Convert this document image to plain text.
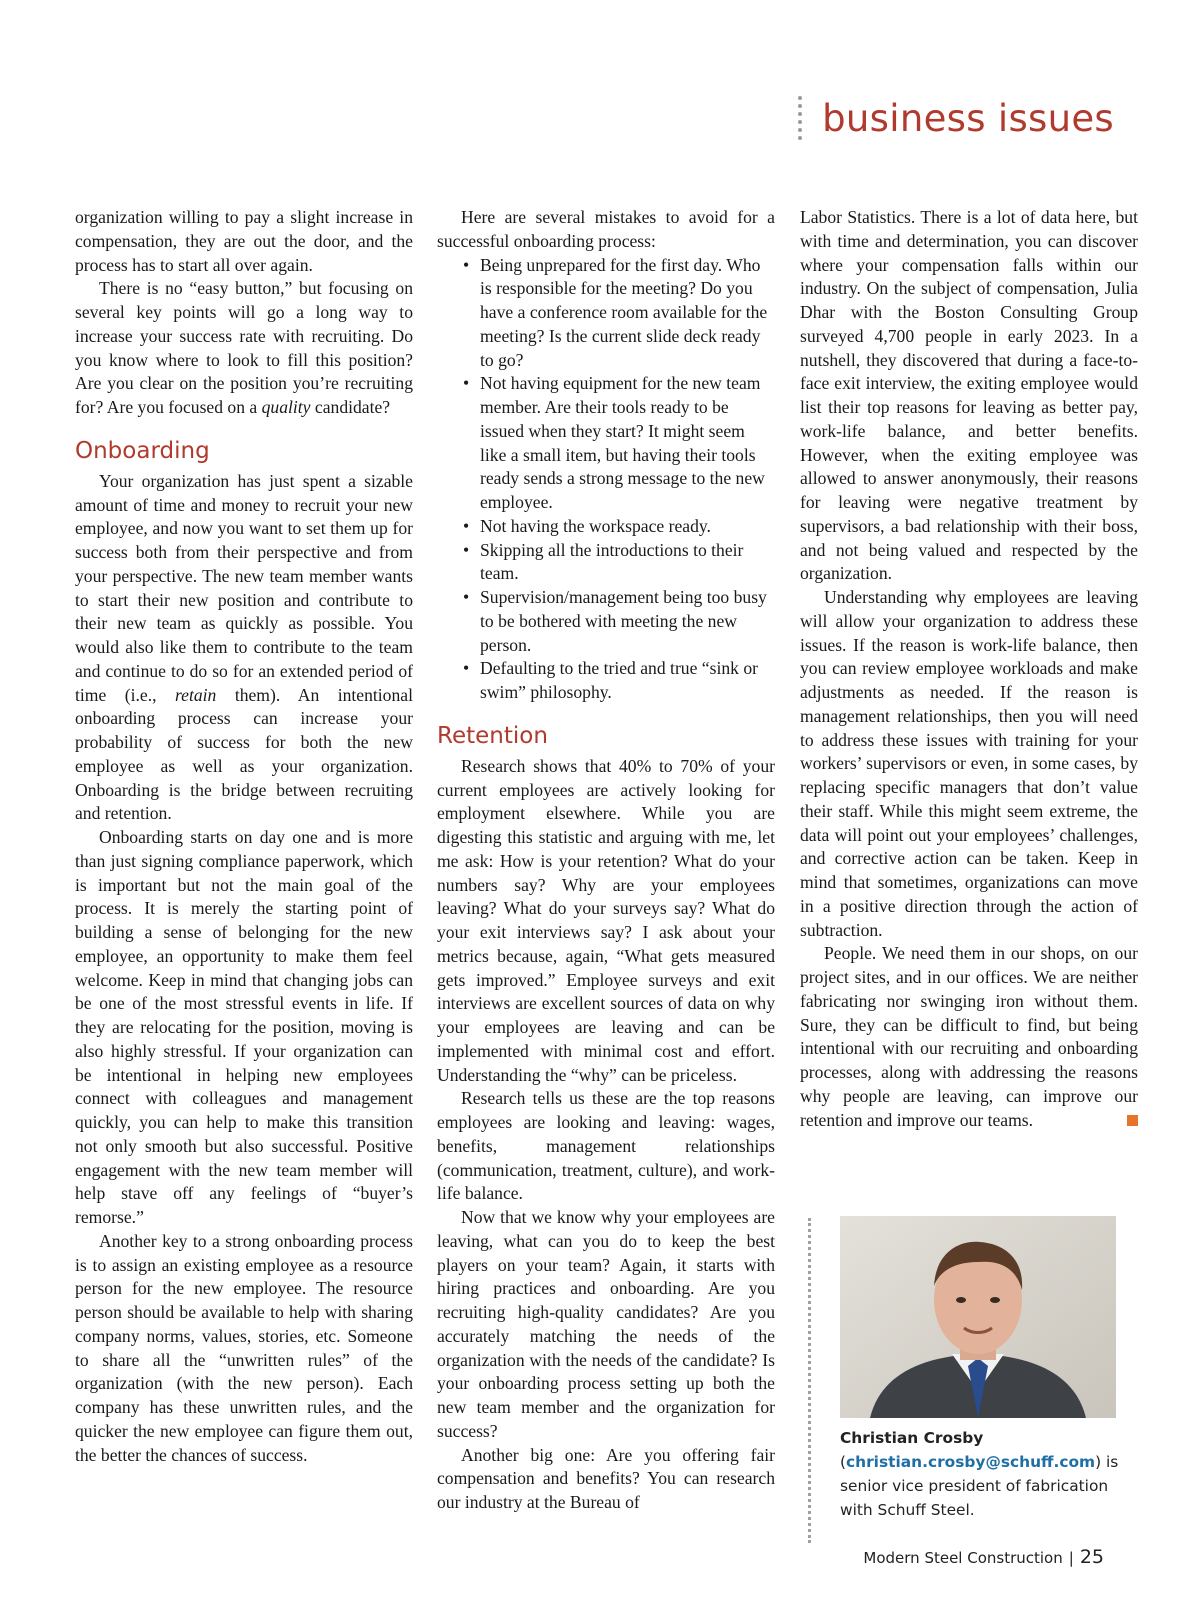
business issues

organization willing to pay a slight increase in compensation, they are out the door, and the process has to start all over again.

There is no “easy button,” but focusing on several key points will go a long way to increase your success rate with recruiting. Do you know where to look to fill this position? Are you clear on the position you’re recruiting for? Are you focused on a quality candidate?

Onboarding

Your organization has just spent a sizable amount of time and money to recruit your new employee, and now you want to set them up for success both from their perspective and from your perspective. The new team member wants to start their new position and contribute to their new team as quickly as possible. You would also like them to contribute to the team and continue to do so for an extended period of time (i.e., retain them). An intentional onboarding process can increase your probability of success for both the new employee as well as your organization. Onboarding is the bridge between recruiting and retention.

Onboarding starts on day one and is more than just signing compliance paperwork, which is important but not the main goal of the process. It is merely the starting point of building a sense of belonging for the new employee, an opportunity to make them feel welcome. Keep in mind that changing jobs can be one of the most stressful events in life. If they are relocating for the position, moving is also highly stressful. If your organization can be intentional in helping new employees connect with colleagues and management quickly, you can help to make this transition not only smooth but also successful. Positive engagement with the new team member will help stave off any feelings of “buyer’s remorse.”

Another key to a strong onboarding process is to assign an existing employee as a resource person for the new employee. The resource person should be available to help with sharing company norms, values, stories, etc. Someone to share all the “unwritten rules” of the organization (with the new person). Each company has these unwritten rules, and the quicker the new employee can figure them out, the better the chances of success.

Here are several mistakes to avoid for a successful onboarding process:

• Being unprepared for the first day. Who is responsible for the meeting? Do you have a conference room available for the meeting? Is the current slide deck ready to go?
• Not having equipment for the new team member. Are their tools ready to be issued when they start? It might seem like a small item, but having their tools ready sends a strong message to the new employee.
• Not having the workspace ready.
• Skipping all the introductions to their team.
• Supervision/management being too busy to be bothered with meeting the new person.
• Defaulting to the tried and true “sink or swim” philosophy.
Retention

Research shows that 40% to 70% of your current employees are actively looking for employment elsewhere. While you are digesting this statistic and arguing with me, let me ask: How is your retention? What do your numbers say? Why are your employees leaving? What do your surveys say? What do your exit interviews say? I ask about your metrics because, again, “What gets measured gets improved.” Employee surveys and exit interviews are excellent sources of data on why your employees are leaving and can be implemented with minimal cost and effort. Understanding the “why” can be priceless.

Research tells us these are the top reasons employees are looking and leaving: wages, benefits, management relationships (communication, treatment, culture), and work-life balance.

Now that we know why your employees are leaving, what can you do to keep the best players on your team? Again, it starts with hiring practices and onboarding. Are you recruiting high-quality candidates? Are you accurately matching the needs of the organization with the needs of the candidate? Is your onboarding process setting up both the new team member and the organization for success?

Another big one: Are you offering fair compensation and benefits? You can research our industry at the Bureau of

Labor Statistics. There is a lot of data here, but with time and determination, you can discover where your compensation falls within our industry. On the subject of compensation, Julia Dhar with the Boston Consulting Group surveyed 4,700 people in early 2023. In a nutshell, they discovered that during a face-to-face exit interview, the exiting employee would list their top reasons for leaving as better pay, work-life balance, and better benefits. However, when the exiting employee was allowed to answer anonymously, their reasons for leaving were negative treatment by supervisors, a bad relationship with their boss, and not being valued and respected by the organization.

Understanding why employees are leaving will allow your organization to address these issues. If the reason is work-life balance, then you can review employee workloads and make adjustments as needed. If the reason is management relationships, then you will need to address these issues with training for your workers’ supervisors or even, in some cases, by replacing specific managers that don’t value their staff. While this might seem extreme, the data will point out your employees’ challenges, and corrective action can be taken. Keep in mind that sometimes, organizations can move in a positive direction through the action of subtraction.

People. We need them in our shops, on our project sites, and in our offices. We are neither fabricating nor swinging iron without them. Sure, they can be difficult to find, but being intentional with our recruiting and onboarding processes, along with addressing the reasons why people are leaving, can improve our retention and improve our teams.

Christian Crosby
(christian.crosby@schuff.com) is senior vice president of fabrication with Schuff Steel.
Modern Steel Construction | 25
